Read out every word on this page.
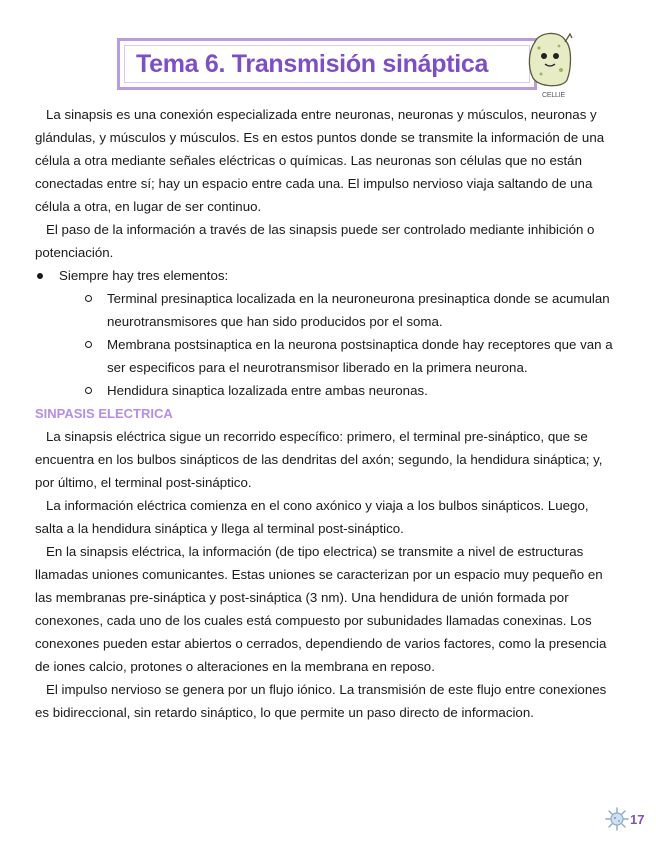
Tema 6. Transmisión sináptica
CELLIE

La sinapsis es una conexión especializada entre neuronas, neuronas y músculos, neuronas y glándulas, y músculos y músculos. Es en estos puntos donde se transmite la información de una célula a otra mediante señales eléctricas o químicas. Las neuronas son células que no están conectadas entre sí; hay un espacio entre cada una. El impulso nervioso viaja saltando de una célula a otra, en lugar de ser continuo.

El paso de la información a través de las sinapsis puede ser controlado mediante inhibición o potenciación.

Siempre hay tres elementos:
Terminal presinaptica localizada en la neuroneurona presinaptica donde se acumulan neurotransmisores que han sido producidos por el soma.
Membrana postsinaptica en la neurona postsinaptica donde hay receptores que van a ser especificos para el neurotransmisor liberado en la primera neurona.
Hendidura sinaptica lozalizada entre ambas neuronas.

SINPASIS ELECTRICA

La sinapsis eléctrica sigue un recorrido específico: primero, el terminal pre-sináptico, que se encuentra en los bulbos sinápticos de las dendritas del axón; segundo, la hendidura sináptica; y, por último, el terminal post-sináptico.

La información eléctrica comienza en el cono axónico y viaja a los bulbos sinápticos. Luego, salta a la hendidura sináptica y llega al terminal post-sináptico.

En la sinapsis eléctrica, la información (de tipo electrica) se transmite a nivel de estructuras llamadas uniones comunicantes. Estas uniones se caracterizan por un espacio muy pequeño en las membranas pre-sináptica y post-sináptica (3 nm). Una hendidura de unión formada por conexones, cada uno de los cuales está compuesto por subunidades llamadas conexinas. Los conexones pueden estar abiertos o cerrados, dependiendo de varios factores, como la presencia de iones calcio, protones o alteraciones en la membrana en reposo.

El impulso nervioso se genera por un flujo iónico. La transmisión de este flujo entre conexiones es bidireccional, sin retardo sináptico, lo que permite un paso directo de informacion.

17
